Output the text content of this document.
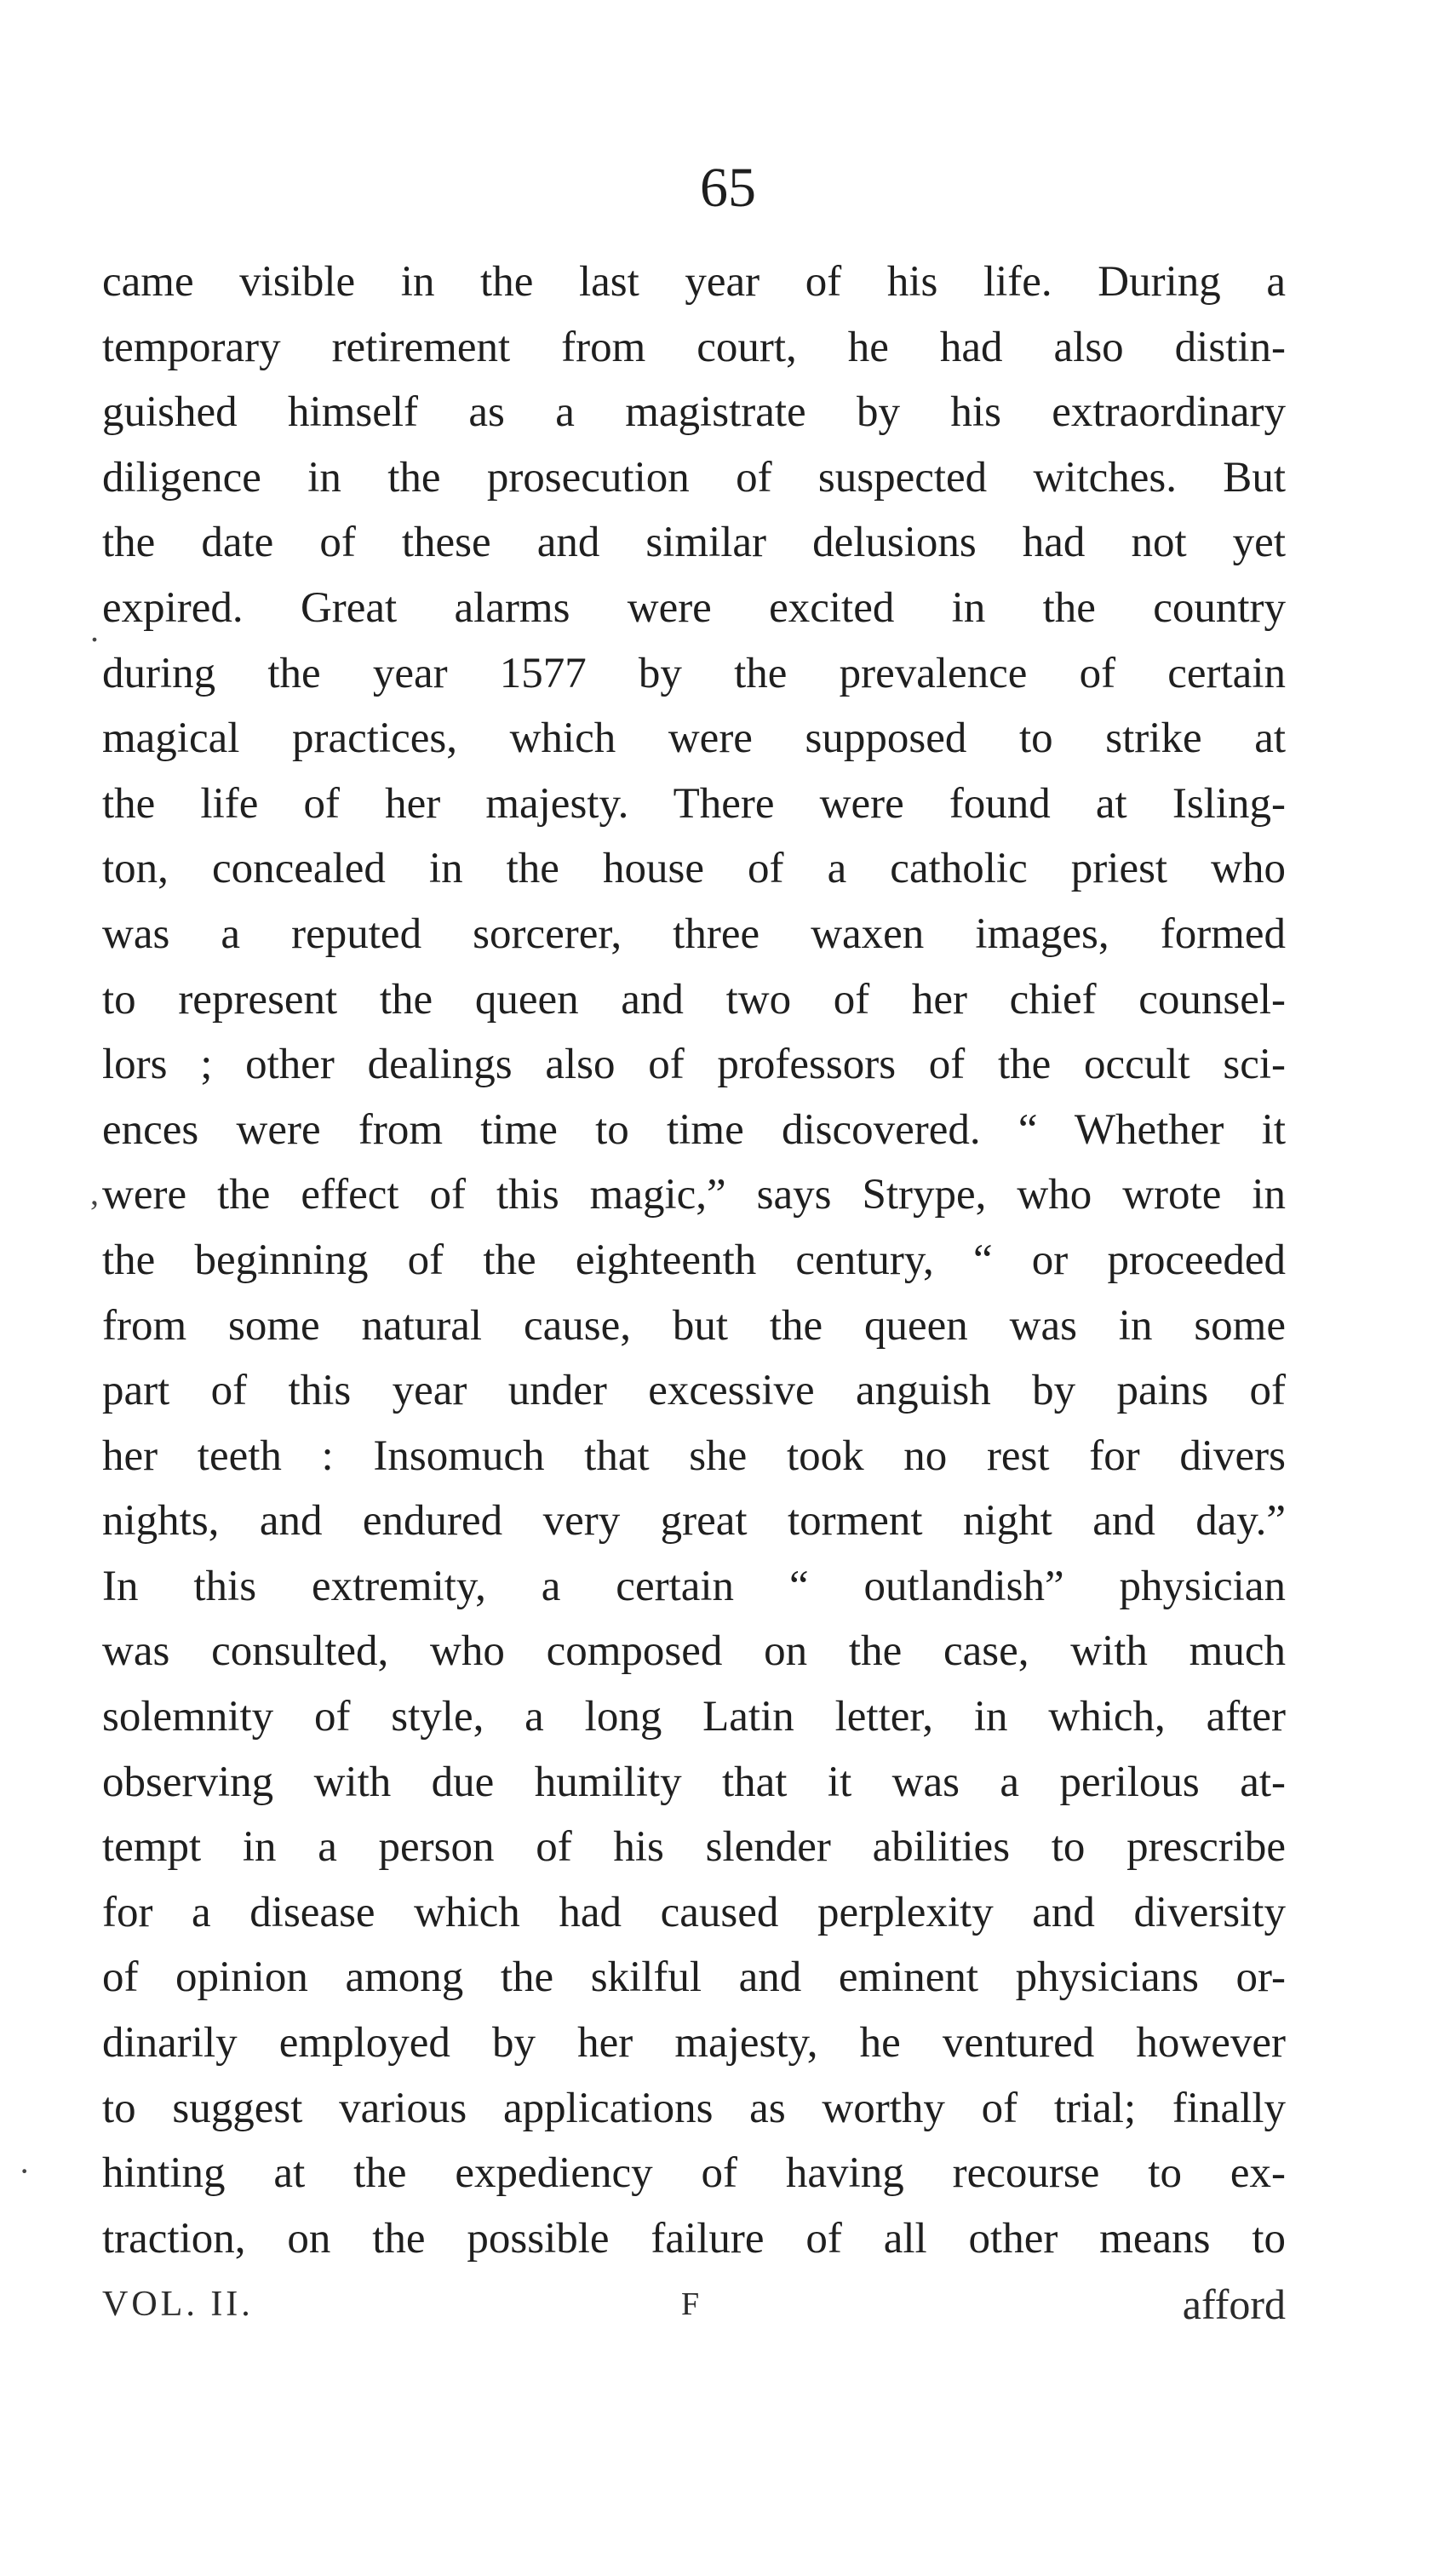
65
came visible in the last year of his life. During a
temporary retirement from court, he had also distin-
guished himself as a magistrate by his extraordinary
diligence in the prosecution of suspected witches. But
the date of these and similar delusions had not yet
expired. Great alarms were excited in the country
during the year 1577 by the prevalence of certain
magical practices, which were supposed to strike at
the life of her majesty. There were found at Isling-
ton, concealed in the house of a catholic priest who
was a reputed sorcerer, three waxen images, formed
to represent the queen and two of her chief counsel-
lors ; other dealings also of professors of the occult sci-
ences were from time to time discovered. “ Whether it
were the effect of this magic,” says Strype, who wrote in
the beginning of the eighteenth century, “ or proceeded
from some natural cause, but the queen was in some
part of this year under excessive anguish by pains of
her teeth : Insomuch that she took no rest for divers
nights, and endured very great torment night and day.”
In this extremity, a certain “ outlandish” physician
was consulted, who composed on the case, with much
solemnity of style, a long Latin letter, in which, after
observing with due humility that it was a perilous at-
tempt in a person of his slender abilities to prescribe
for a disease which had caused perplexity and diversity
of opinion among the skilful and eminent physicians or-
dinarily employed by her majesty, he ventured however
to suggest various applications as worthy of trial; finally
hinting at the expediency of having recourse to ex-
traction, on the possible failure of all other means to
VOL. II.	F	afford
.
’
·
